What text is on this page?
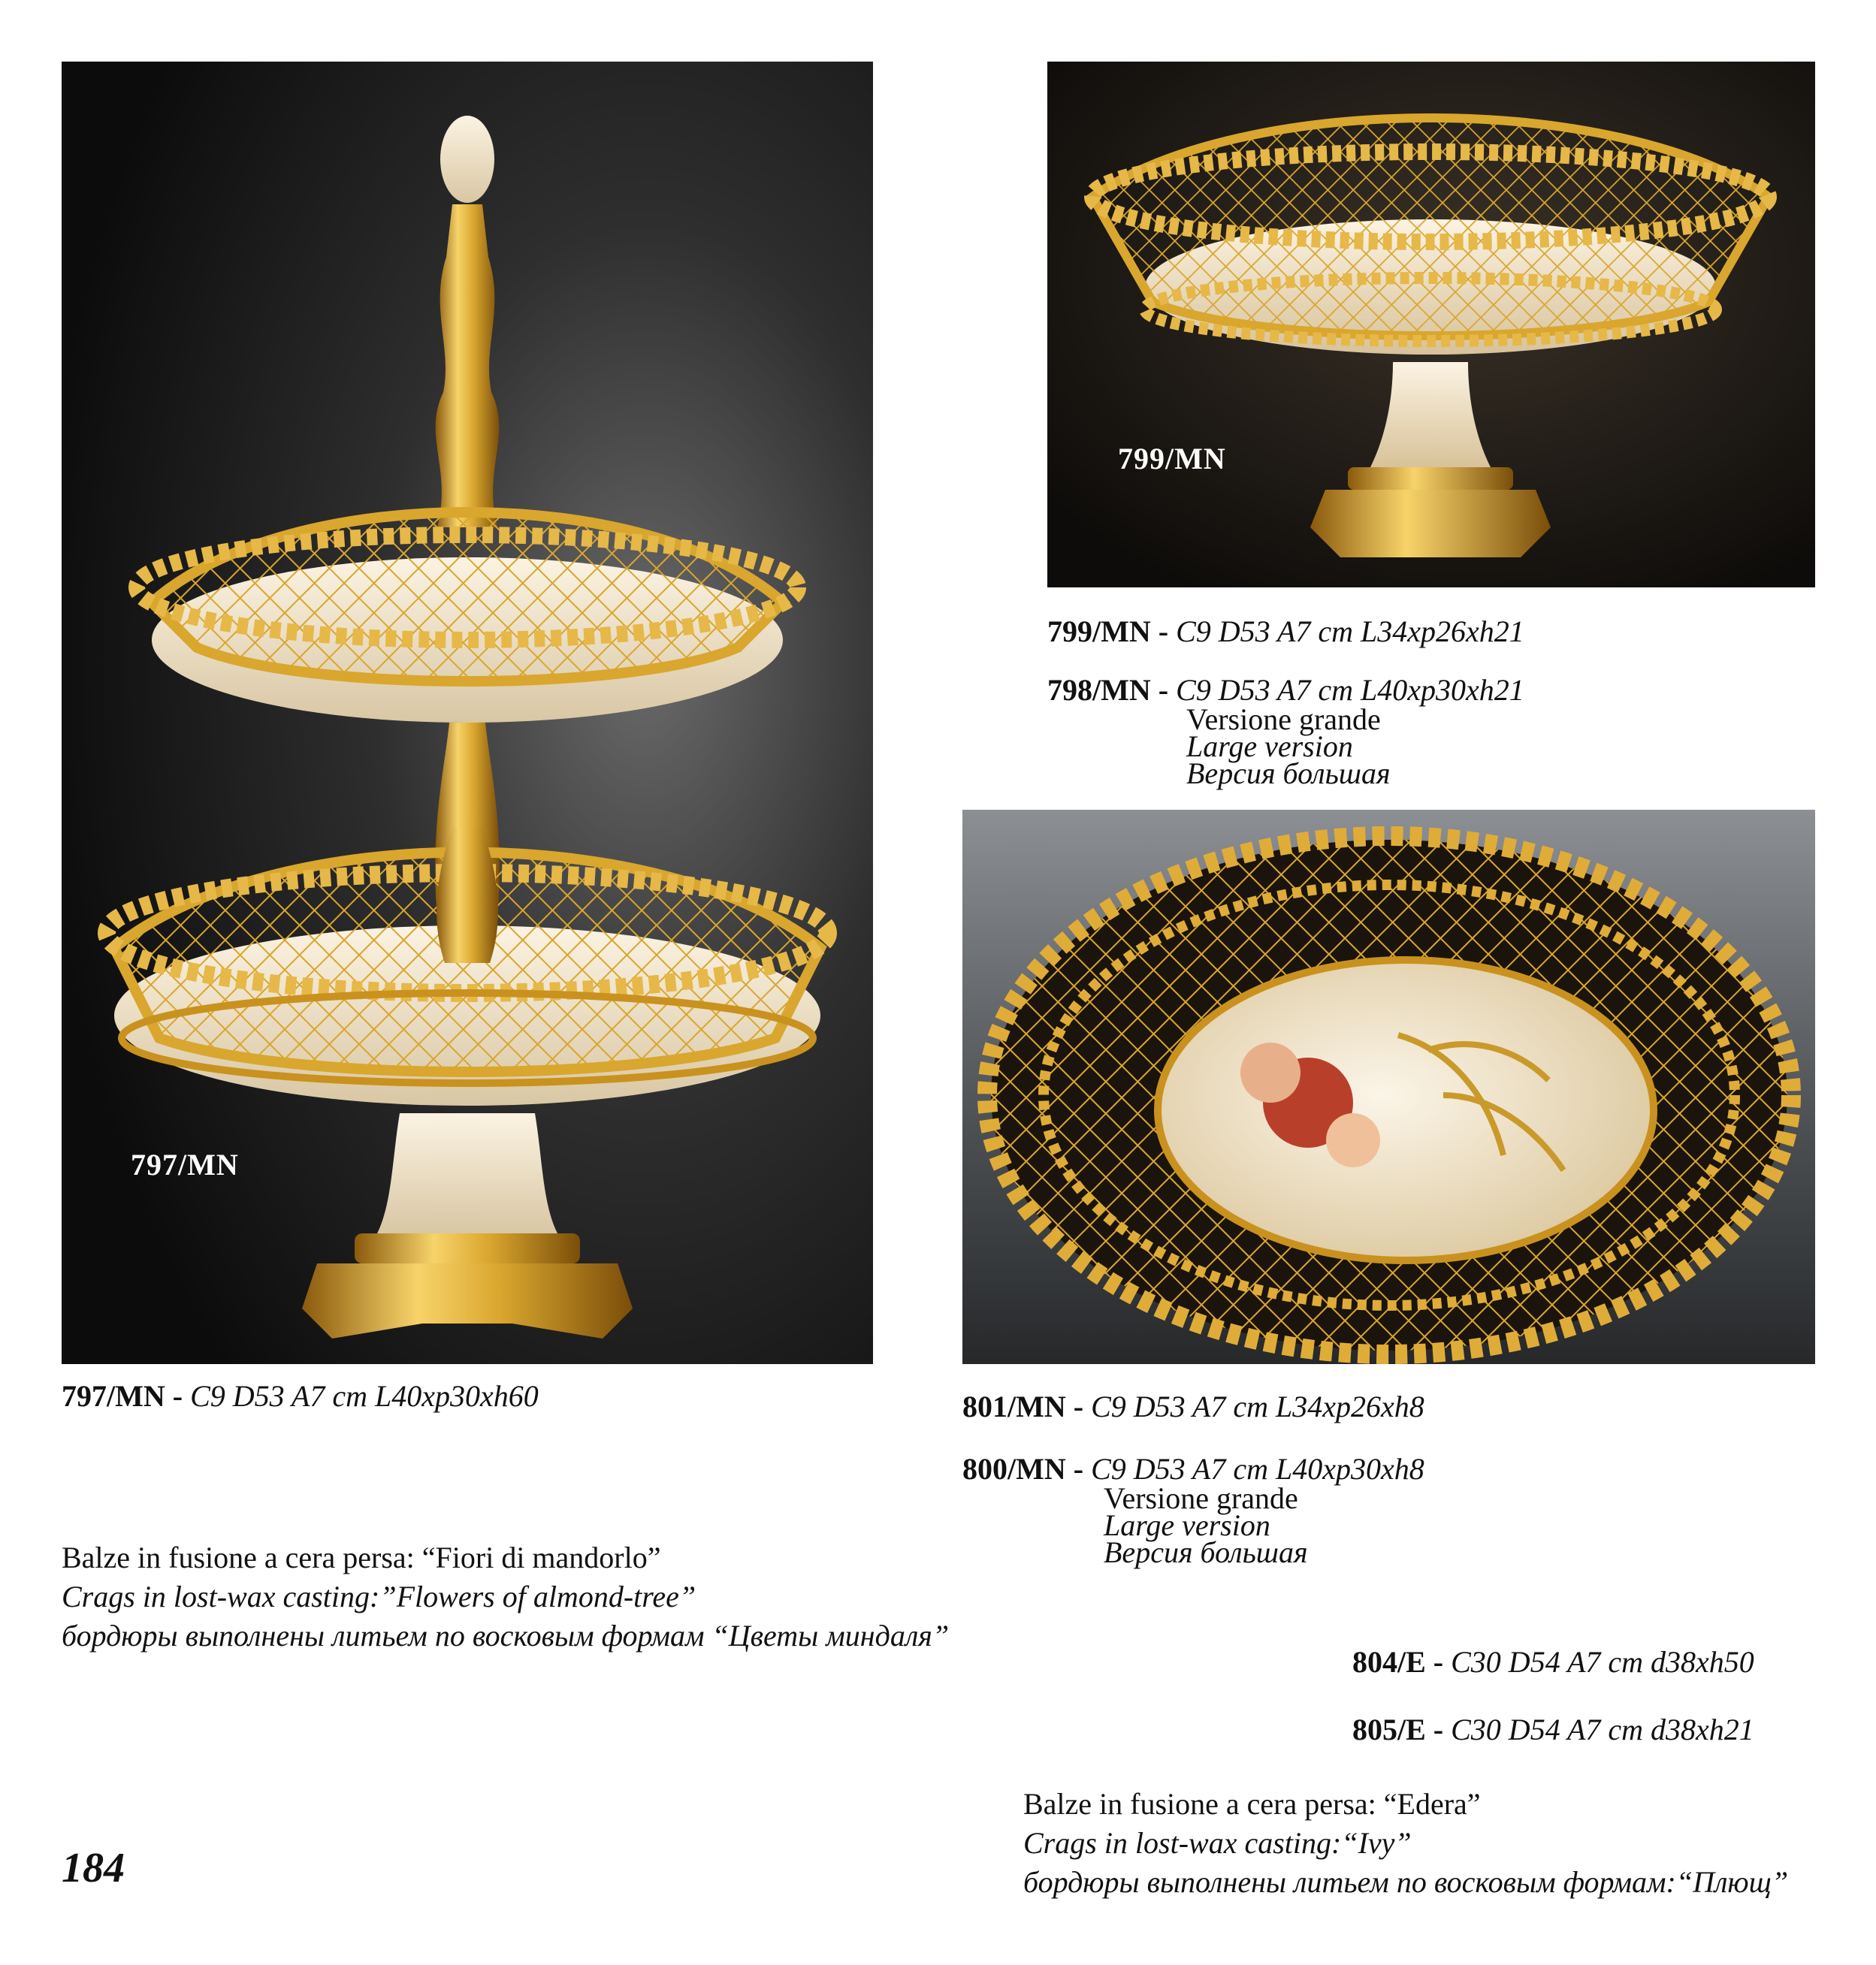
797/MN
799/MN
797/MN - C9 D53 A7 cm L40xp30xh60
799/MN - C9 D53 A7 cm L34xp26xh21
798/MN - C9 D53 A7 cm L40xp30xh21
Versione grande
Large version
Версия большая
801/MN - C9 D53 A7 cm L34xp26xh8
800/MN - C9 D53 A7 cm L40xp30xh8
Versione grande
Large version
Версия большая
804/E - C30 D54 A7 cm d38xh50
805/E - C30 D54 A7 cm d38xh21
Balze in fusione a cera persa: “Fiori di mandorlo”
Crags in lost-wax casting:”Flowers of almond-tree”
бордюры выполнены литьем по восковым формам “Цветы миндаля”
Balze in fusione a cera persa: “Edera”
Crags in lost-wax casting:“Ivy”
бордюры выполнены литьем по восковым формам:“Плющ”
184
